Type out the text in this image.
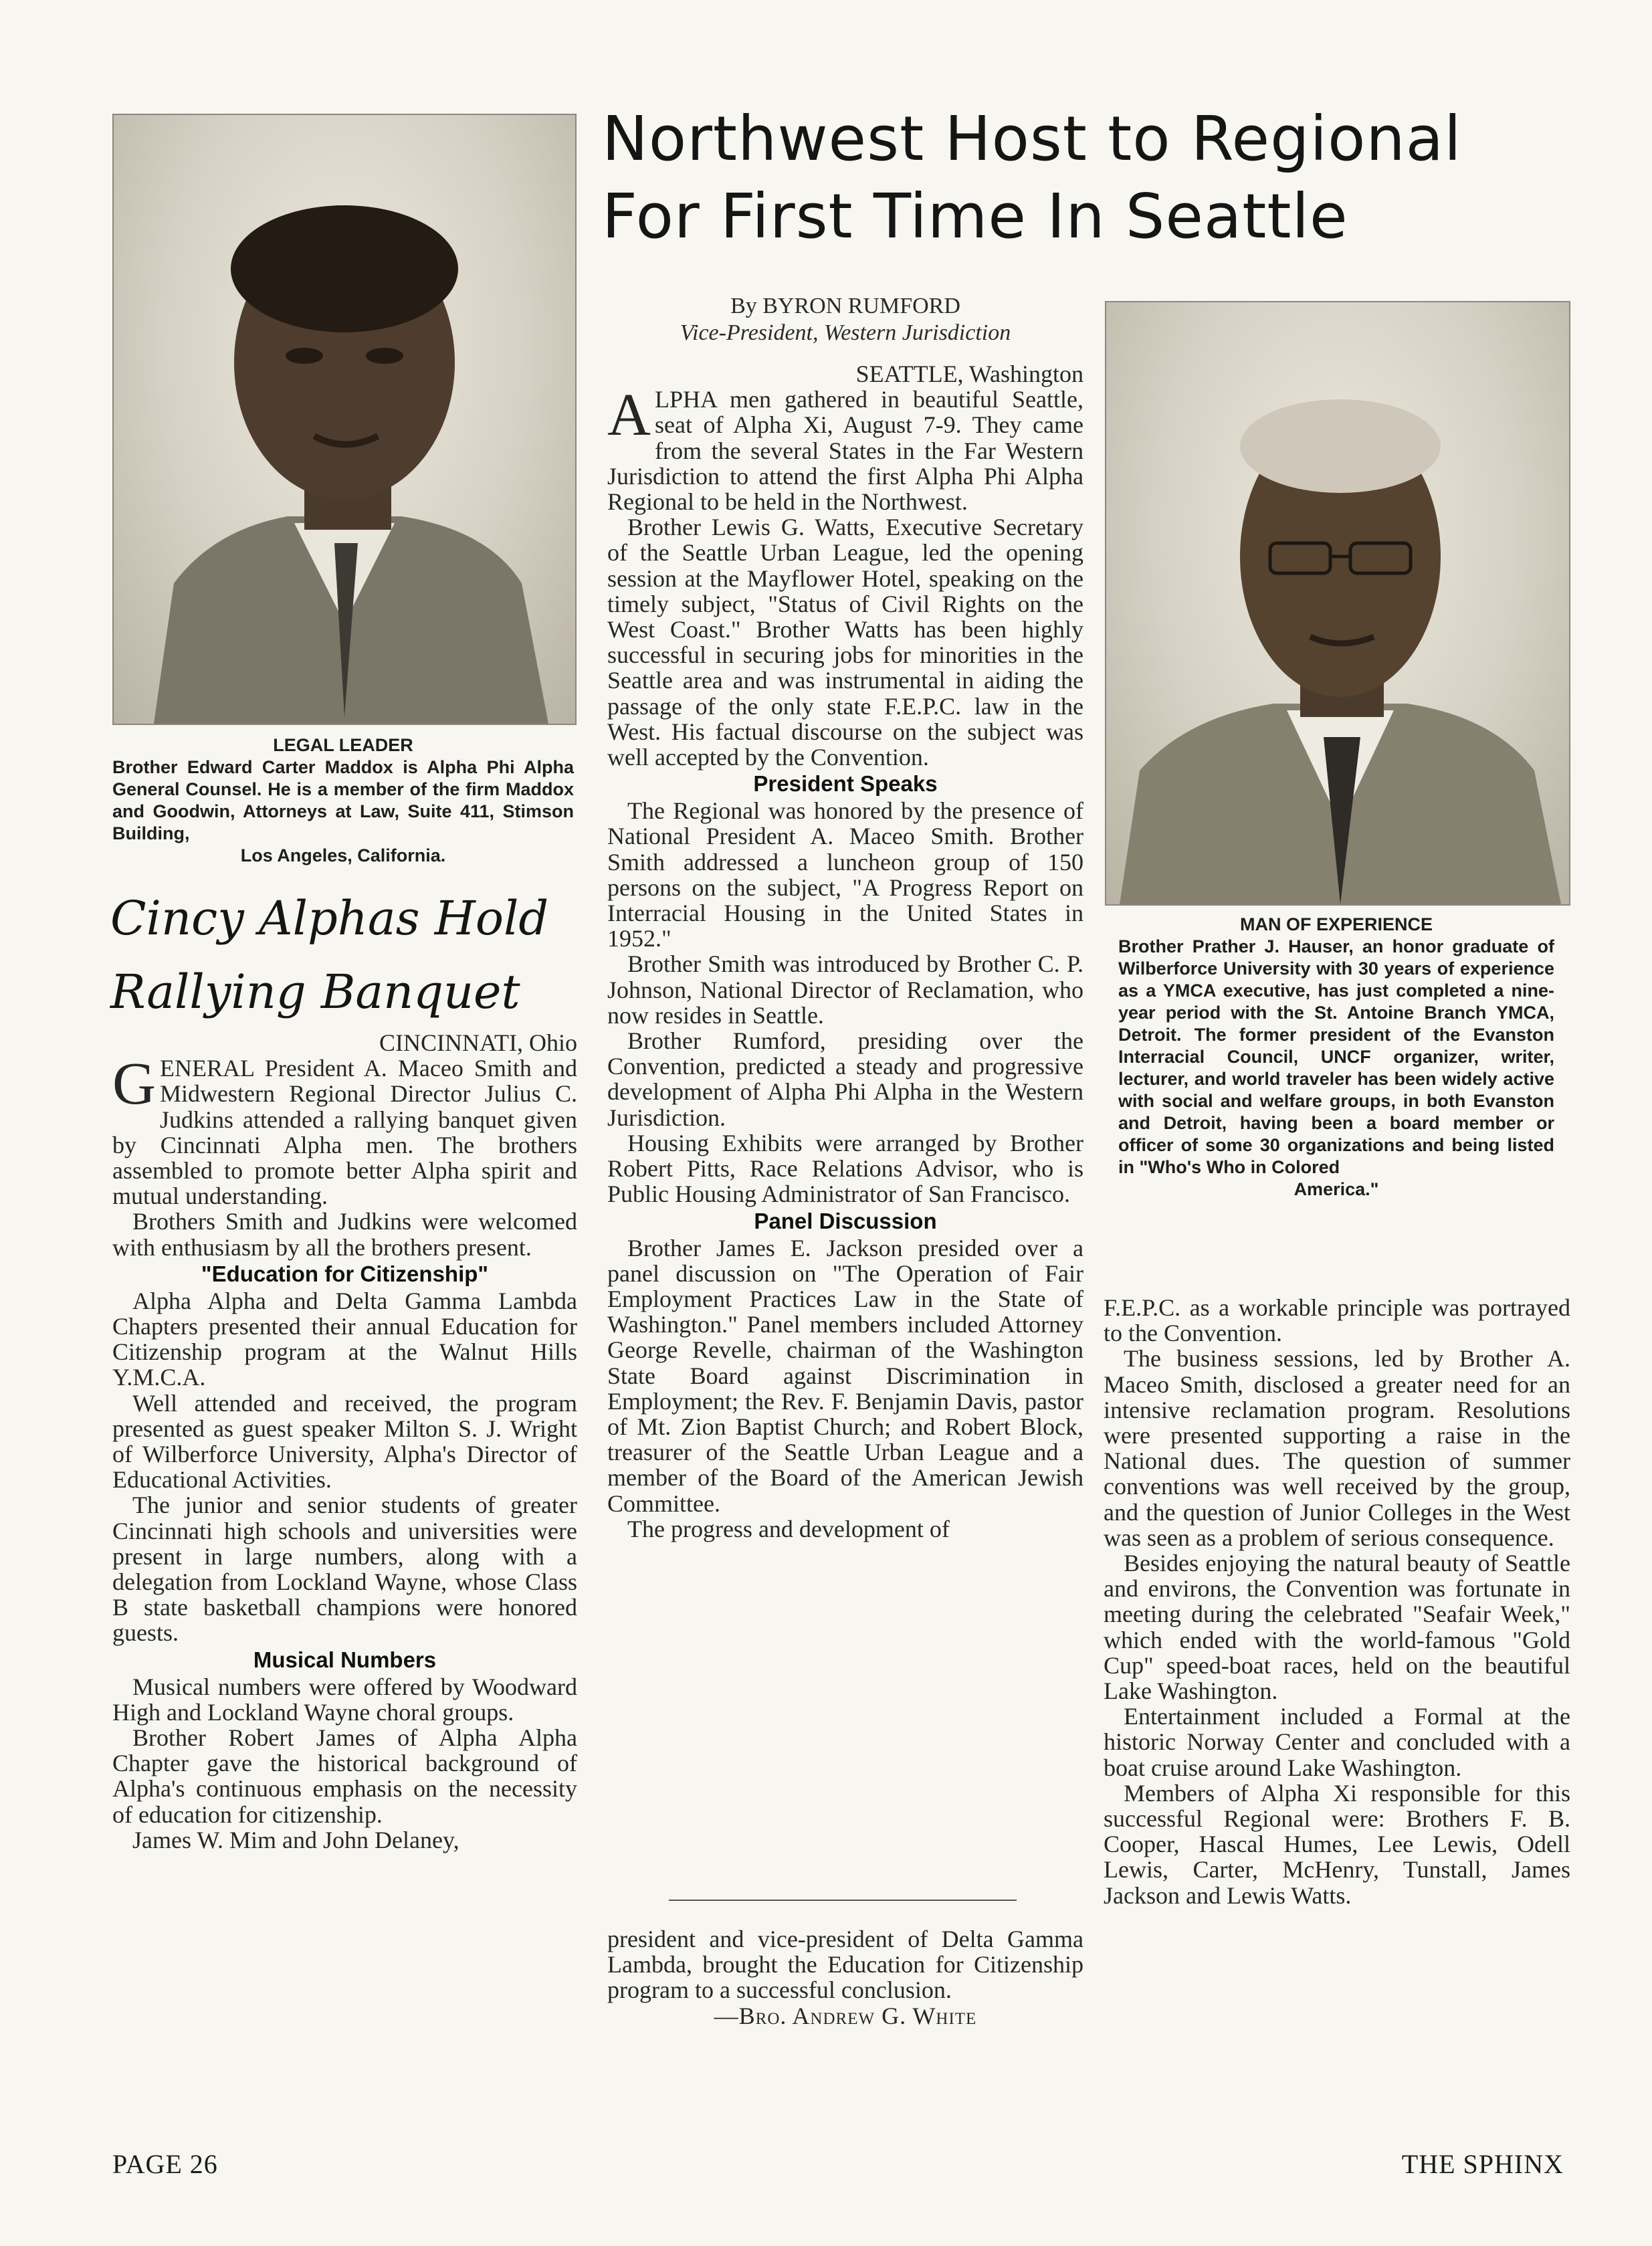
LEGAL LEADER

Brother Edward Carter Maddox is Alpha Phi Alpha General Counsel. He is a member of the firm Maddox and Goodwin, Attorneys at Law, Suite 411, Stimson Building,

Los Angeles, California.

Northwest Host to Regional
For First Time In Seattle
By BYRON RUMFORD
Vice-President, Western Jurisdiction
MAN OF EXPERIENCE

Brother Prather J. Hauser, an honor graduate of Wilberforce University with 30 years of experience as a YMCA executive, has just completed a nine-year period with the St. Antoine Branch YMCA, Detroit. The former president of the Evanston Interracial Council, UNCF organizer, writer, lecturer, and world traveler has been widely active with social and welfare groups, in both Evanston and Detroit, having been a board member or officer of some 30 organizations and being listed in "Who's Who in Colored

America."

Cincy Alphas Hold
Rallying Banquet
CINCINNATI, Ohio

GENERAL President A. Maceo Smith and Midwestern Regional Director Julius C. Judkins attended a rallying banquet given by Cincinnati Alpha men. The brothers assembled to promote better Alpha spirit and mutual understanding.

Brothers Smith and Judkins were welcomed with enthusiasm by all the brothers present.

"Education for Citizenship"

Alpha Alpha and Delta Gamma Lambda Chapters presented their annual Education for Citizenship program at the Walnut Hills Y.M.C.A.

Well attended and received, the program presented as guest speaker Milton S. J. Wright of Wilberforce University, Alpha's Director of Educational Activities.

The junior and senior students of greater Cincinnati high schools and universities were present in large numbers, along with a delegation from Lockland Wayne, whose Class B state basketball champions were honored guests.

Musical Numbers

Musical numbers were offered by Woodward High and Lockland Wayne choral groups.

Brother Robert James of Alpha Alpha Chapter gave the historical background of Alpha's continuous emphasis on the necessity of education for citizenship.

James W. Mim and John Delaney,

SEATTLE, Washington

ALPHA men gathered in beautiful Seattle, seat of Alpha Xi, August 7-9. They came from the several States in the Far Western Jurisdiction to attend the first Alpha Phi Alpha Regional to be held in the Northwest.

Brother Lewis G. Watts, Executive Secretary of the Seattle Urban League, led the opening session at the Mayflower Hotel, speaking on the timely subject, "Status of Civil Rights on the West Coast." Brother Watts has been highly successful in securing jobs for minorities in the Seattle area and was instrumental in aiding the passage of the only state F.E.P.C. law in the West. His factual discourse on the subject was well accepted by the Convention.

President Speaks

The Regional was honored by the presence of National President A. Maceo Smith. Brother Smith addressed a luncheon group of 150 persons on the subject, "A Progress Report on Interracial Housing in the United States in 1952."

Brother Smith was introduced by Brother C. P. Johnson, National Director of Reclamation, who now resides in Seattle.

Brother Rumford, presiding over the Convention, predicted a steady and progressive development of Alpha Phi Alpha in the Western Jurisdiction.

Housing Exhibits were arranged by Brother Robert Pitts, Race Relations Advisor, who is Public Housing Administrator of San Francisco.

Panel Discussion

Brother James E. Jackson presided over a panel discussion on "The Operation of Fair Employment Practices Law in the State of Washington." Panel members included Attorney George Revelle, chairman of the Washington State Board against Discrimination in Employment; the Rev. F. Benjamin Davis, pastor of Mt. Zion Baptist Church; and Robert Block, treasurer of the Seattle Urban League and a member of the Board of the American Jewish Committee.

The progress and development of

president and vice-president of Delta Gamma Lambda, brought the Education for Citizenship program to a successful conclusion.

—Bro. Andrew G. White

F.E.P.C. as a workable principle was portrayed to the Convention.

The business sessions, led by Brother A. Maceo Smith, disclosed a greater need for an intensive reclamation program. Resolutions were presented supporting a raise in the National dues. The question of summer conventions was well received by the group, and the question of Junior Colleges in the West was seen as a problem of serious consequence.

Besides enjoying the natural beauty of Seattle and environs, the Convention was fortunate in meeting during the celebrated "Seafair Week," which ended with the world-famous "Gold Cup" speed-boat races, held on the beautiful Lake Washington.

Entertainment included a Formal at the historic Norway Center and concluded with a boat cruise around Lake Washington.

Members of Alpha Xi responsible for this successful Regional were: Brothers F. B. Cooper, Hascal Humes, Lee Lewis, Odell Lewis, Carter, McHenry, Tunstall, James Jackson and Lewis Watts.

PAGE 26	THE SPHINX
